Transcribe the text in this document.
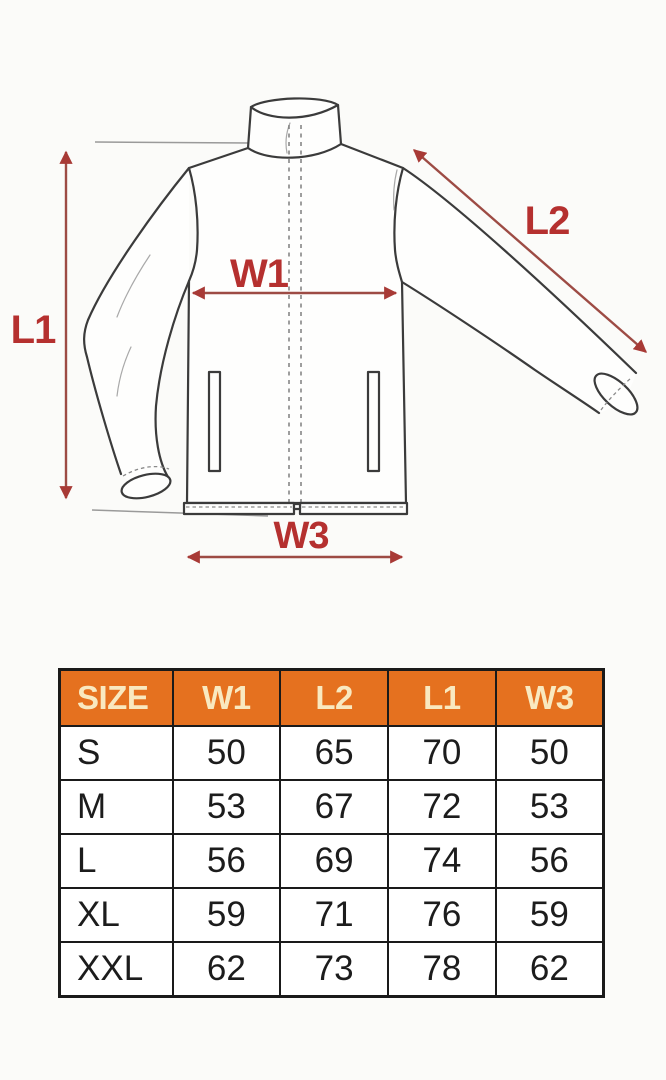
L1
W1
L2
W3
SIZE	W1	L2	L1	W3
S	50	65	70	50
M	53	67	72	53
L	56	69	74	56
XL	59	71	76	59
XXL	62	73	78	62
